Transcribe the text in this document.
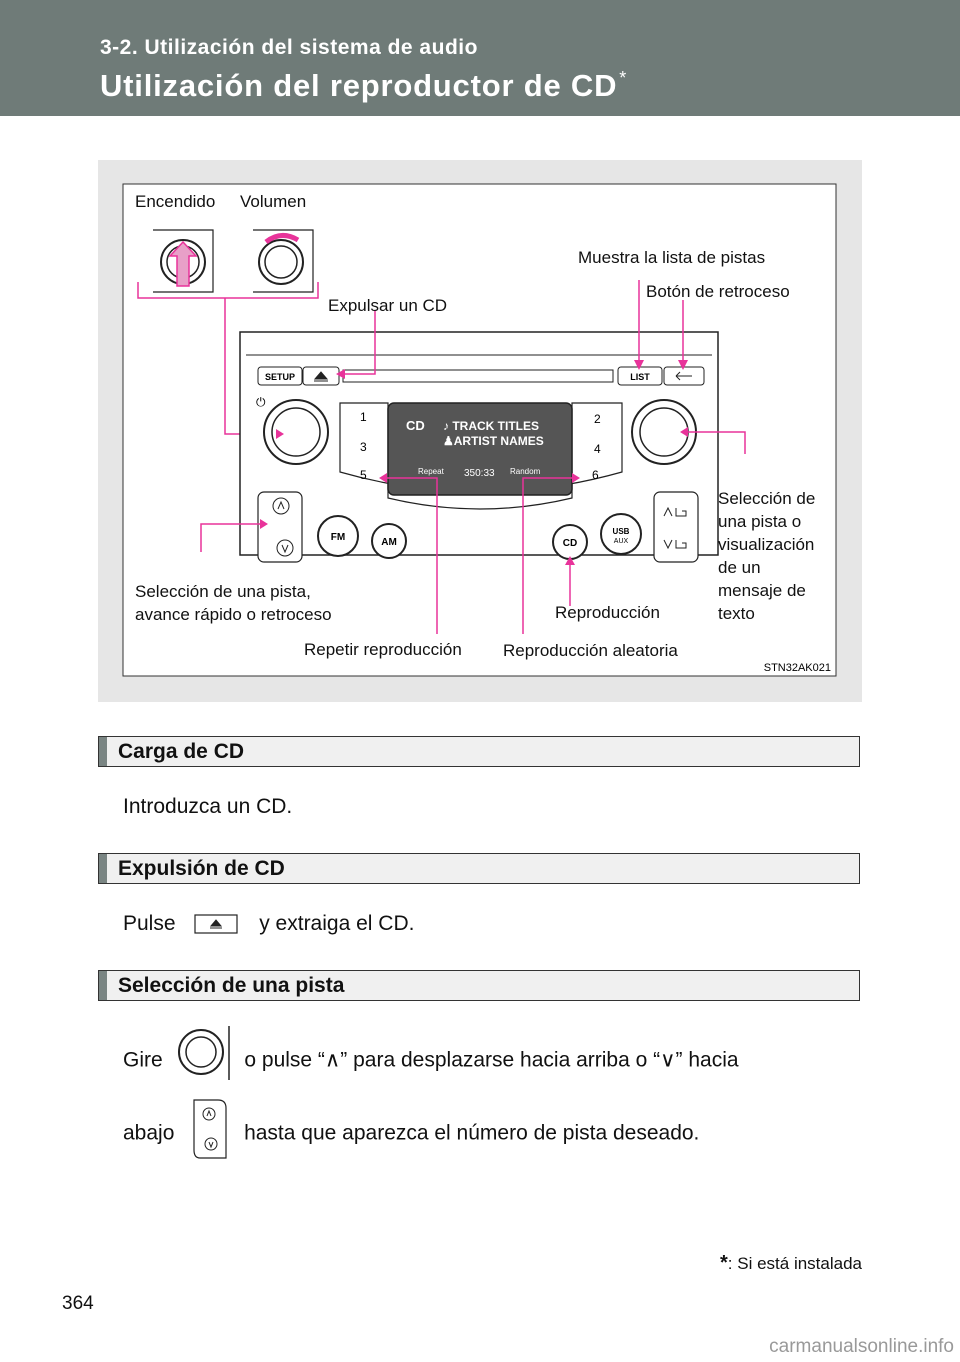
3-2. Utilización del sistema de audio
Utilización del reproductor de CD *
SETUP	LIST
⏻
1
3
5
2
4
6
CD ♪ TRACK TITLES
♟ARTIST NAMES
Repeat 350:33 Random
FM	AM	CD
USB
AUX
Encendido Volumen
Muestra la lista de pistas
Botón de retroceso
Expulsar un CD
Selección de
una pista o
visualización
de un
mensaje de
texto
Selección de una pista,
avance rápido o retroceso	Reproducción
Repetir reproducción Reproducción aleatoria
STN32AK021
Carga de CD
Introduzca un CD.
Expulsión de CD
Pulse	y extraiga el CD.
Selección de una pista
Gire	o pulse “∧” para desplazarse hacia arriba o “∨” hacia
abajo	hasta que aparezca el número de pista deseado.
*: Si está instalada
364
carmanualsonline.info
